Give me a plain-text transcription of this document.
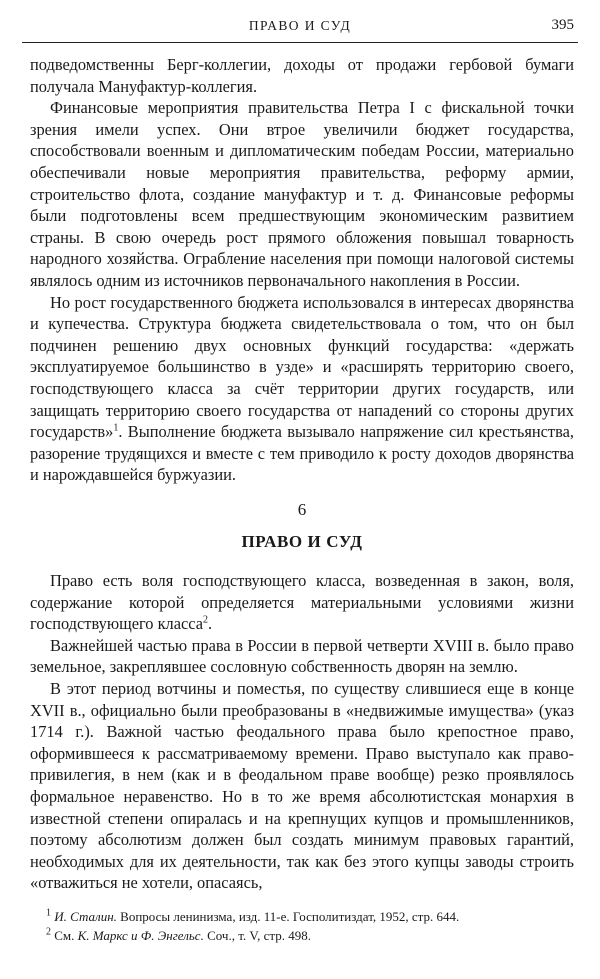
ПРАВО И СУД	395

подведомственны Берг-коллегии, доходы от продажи гербовой бумаги получала Мануфактур-коллегия.

Финансовые мероприятия правительства Петра I с фискальной точки зрения имели успех. Они втрое увеличили бюджет государства, способствовали военным и дипломатическим победам России, материально обеспечивали новые мероприятия правительства, реформу армии, строительство флота, создание мануфактур и т. д. Финансовые реформы были подготовлены всем предшествующим экономическим развитием страны. В свою очередь рост прямого обложения повышал товарность народного хозяйства. Ограбление населения при помощи налоговой системы являлось одним из источников первоначального накопления в России.

Но рост государственного бюджета использовался в интересах дворянства и купечества. Структура бюджета свидетельствовала о том, что он был подчинен решению двух основных функций государства: «держать эксплуатируемое большинство в узде» и «расширять территорию своего, господствующего класса за счёт территории других государств, или защищать территорию своего государства от нападений со стороны других государств»$^1$. Выполнение бюджета вызывало напряжение сил крестьянства, разорение трудящихся и вместе с тем приводило к росту доходов дворянства и нарождавшейся буржуазии.

6
ПРАВО И СУД

Право есть воля господствующего класса, возведенная в закон, воля, содержание которой определяется материальными условиями жизни господствующего класса$^2$.

Важнейшей частью права в России в первой четверти XVIII в. было право земельное, закреплявшее сословную собственность дворян на землю.

В этот период вотчины и поместья, по существу слившиеся еще в конце XVII в., официально были преобразованы в «недвижимые имущества» (указ 1714 г.). Важной частью феодального права было крепостное право, оформившееся к рассматриваемому времени. Право выступало как право-привилегия, в нем (как и в феодальном праве вообще) резко проявлялось формальное неравенство. Но в то же время абсолютистская монархия в известной степени опиралась и на крепнущих купцов и промышленников, поэтому абсолютизм должен был создать минимум правовых гарантий, необходимых для их деятельности, так как без этого купцы заводы строить «отважиться не хотели, опасаясь,

$^1$ И. Сталин. Вопросы ленинизма, изд. 11-е. Госполитиздат, 1952, стр. 644.
$^2$ См. К. Маркс и Ф. Энгельс. Соч., т. V, стр. 498.
